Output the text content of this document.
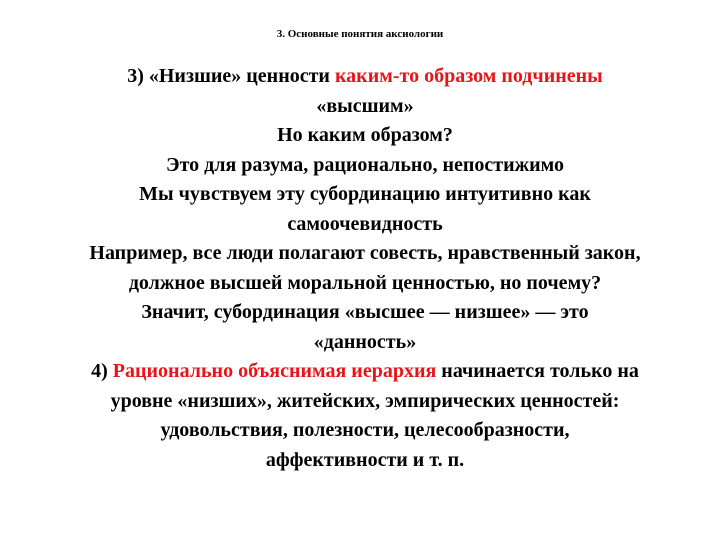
3. Основные понятия аксиологии
3) «Низшие» ценности каким-то образом подчинены
«высшим»
Но каким образом?
Это для разума, рационально, непостижимо
Мы чувствуем эту субординацию интуитивно как
самоочевидность
Например, все люди полагают совесть, нравственный закон,
должное высшей моральной ценностью, но почему?
Значит, субординация «высшее — низшее» — это
«данность»
4) Рационально объяснимая иерархия начинается только на
уровне «низших», житейских, эмпирических ценностей:
удовольствия, полезности, целесообразности,
аффективности и т. п.
